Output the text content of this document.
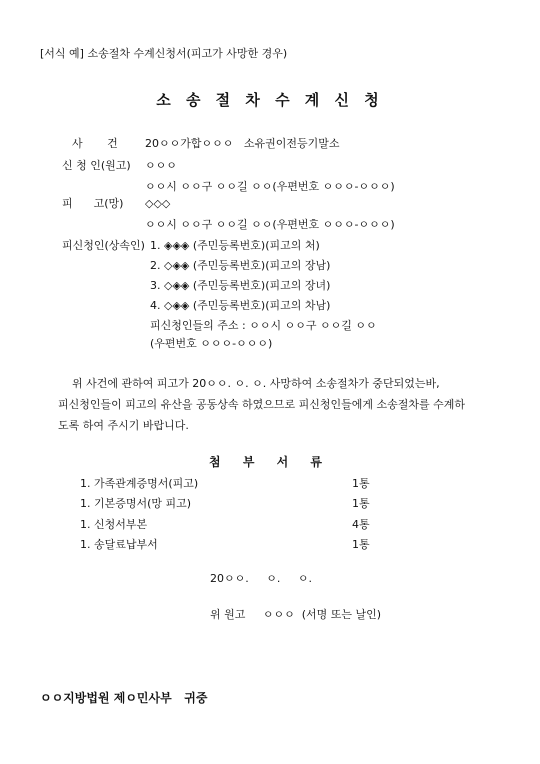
[서식 예] 소송절차 수계신청서(피고가 사망한 경우)
소 송 절 차 수 계 신 청
사       건 20ㅇㅇ가합ㅇㅇㅇ   소유권이전등기말소
신 청 인(원고) ㅇㅇㅇ
ㅇㅇ시 ㅇㅇ구 ㅇㅇ길 ㅇㅇ(우편번호 ㅇㅇㅇ-ㅇㅇㅇ)
피      고(망) ◇◇◇
ㅇㅇ시 ㅇㅇ구 ㅇㅇ길 ㅇㅇ(우편번호 ㅇㅇㅇ-ㅇㅇㅇ)
피신청인(상속인) 1. ◈◈◈ (주민등록번호)(피고의 처)
2. ◇◈◈ (주민등록번호)(피고의 장남)
3. ◇◈◈ (주민등록번호)(피고의 장녀)
4. ◇◈◈ (주민등록번호)(피고의 차남)
피신청인들의 주소 : ㅇㅇ시 ㅇㅇ구 ㅇㅇ길 ㅇㅇ
(우편번호 ㅇㅇㅇ-ㅇㅇㅇ)
위 사건에 관하여 피고가 20ㅇㅇ. ㅇ. ㅇ. 사망하여 소송절차가 중단되었는바,
피신청인들이 피고의 유산을 공동상속 하였으므로 피신청인들에게 소송절차를 수계하
도록 하여 주시기 바랍니다.
첨 부 서 류
1. 가족관계증명서(피고)	1통
1. 기본증명서(망 피고)	1통
1. 신청서부본	4통
1. 송달료납부서	1통
20ㅇㅇ.     ㅇ.     ㅇ.
위 원고     ㅇㅇㅇ  (서명 또는 날인)
ㅇㅇ지방법원 제ㅇ민사부   귀중
